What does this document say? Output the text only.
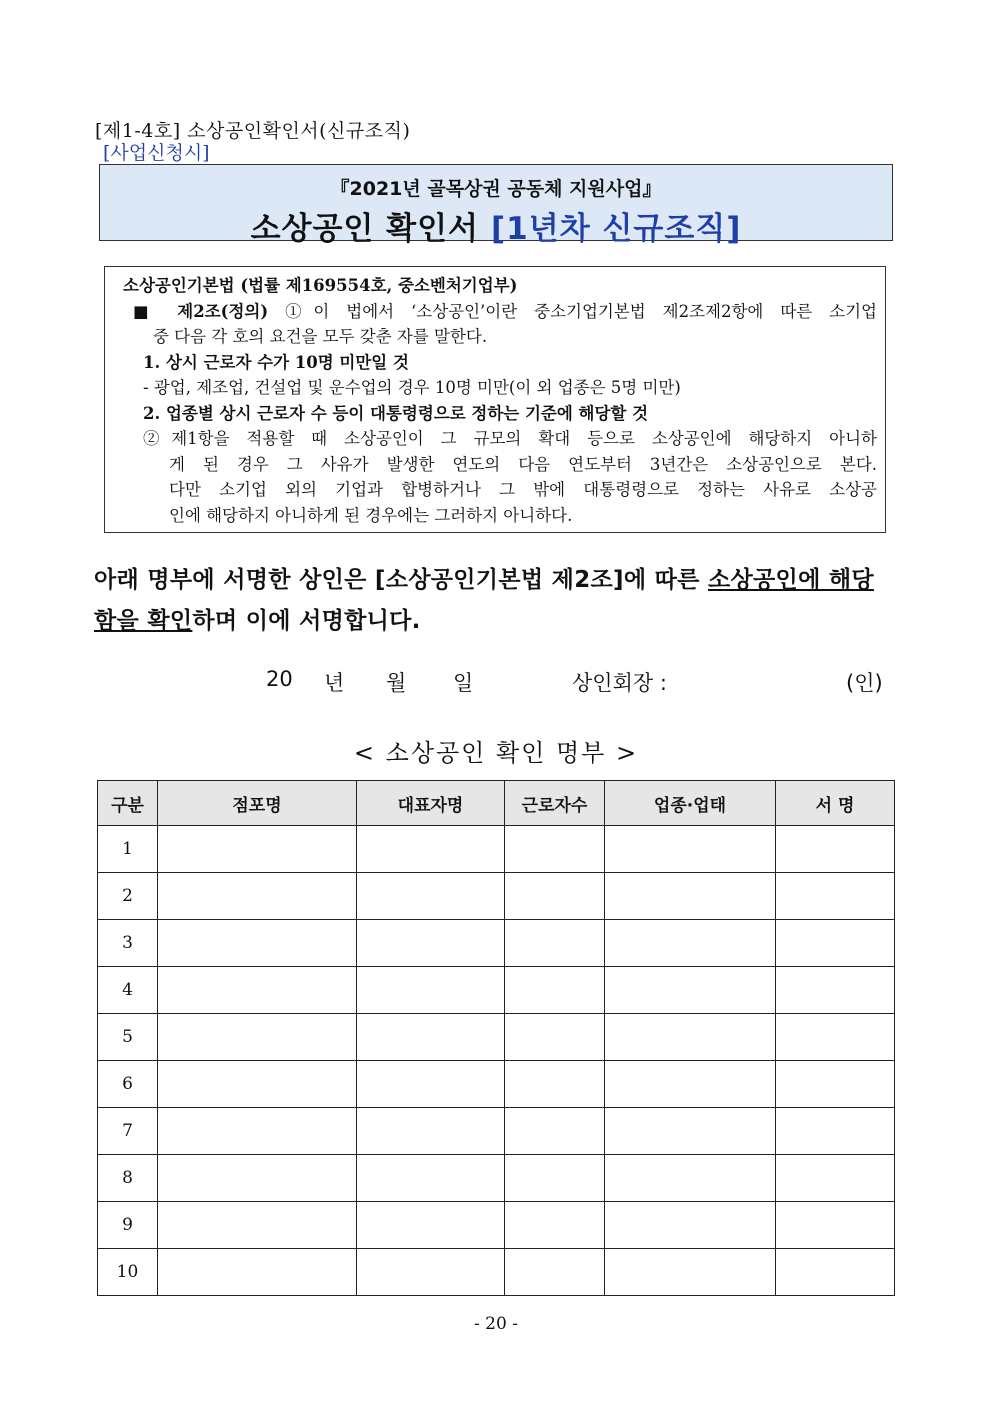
[제1-4호] 소상공인확인서(신규조직)
[사업신청시]
『2021년 골목상권 공동체 지원사업』
소상공인 확인서 [1년차 신규조직]
소상공인기본법 (법률 제169554호, 중소벤처기업부)
■ 제2조(정의) ①이 법에서 ‘소상공인’이란 중소기업기본법 제2조제2항에 따른 소기업
중 다음 각 호의 요건을 모두 갖춘 자를 말한다.
1. 상시 근로자 수가 10명 미만일 것
- 광업, 제조업, 건설업 및 운수업의 경우 10명 미만(이 외 업종은 5명 미만)
2. 업종별 상시 근로자 수 등이 대통령령으로 정하는 기준에 해당할 것
②제1항을 적용할 때 소상공인이 그 규모의 확대 등으로 소상공인에 해당하지 아니하
게 된 경우 그 사유가 발생한 연도의 다음 연도부터 3년간은 소상공인으로 본다.
다만 소기업 외의 기업과 합병하거나 그 밖에 대통령령으로 정하는 사유로 소상공
인에 해당하지 아니하게 된 경우에는 그러하지 아니하다.
아래 명부에 서명한 상인은 [소상공인기본법 제2조]에 따른 소상공인에 해당
함을 확인하며 이에 서명합니다.
20 년 월 일	상인회장 :	(인)
< 소상공인 확인 명부 >
구분	점포명	대표자명	근로자수	업종·업태	서 명
1					
2					
3					
4					
5					
6					
7					
8					
9					
10					
- 20 -
